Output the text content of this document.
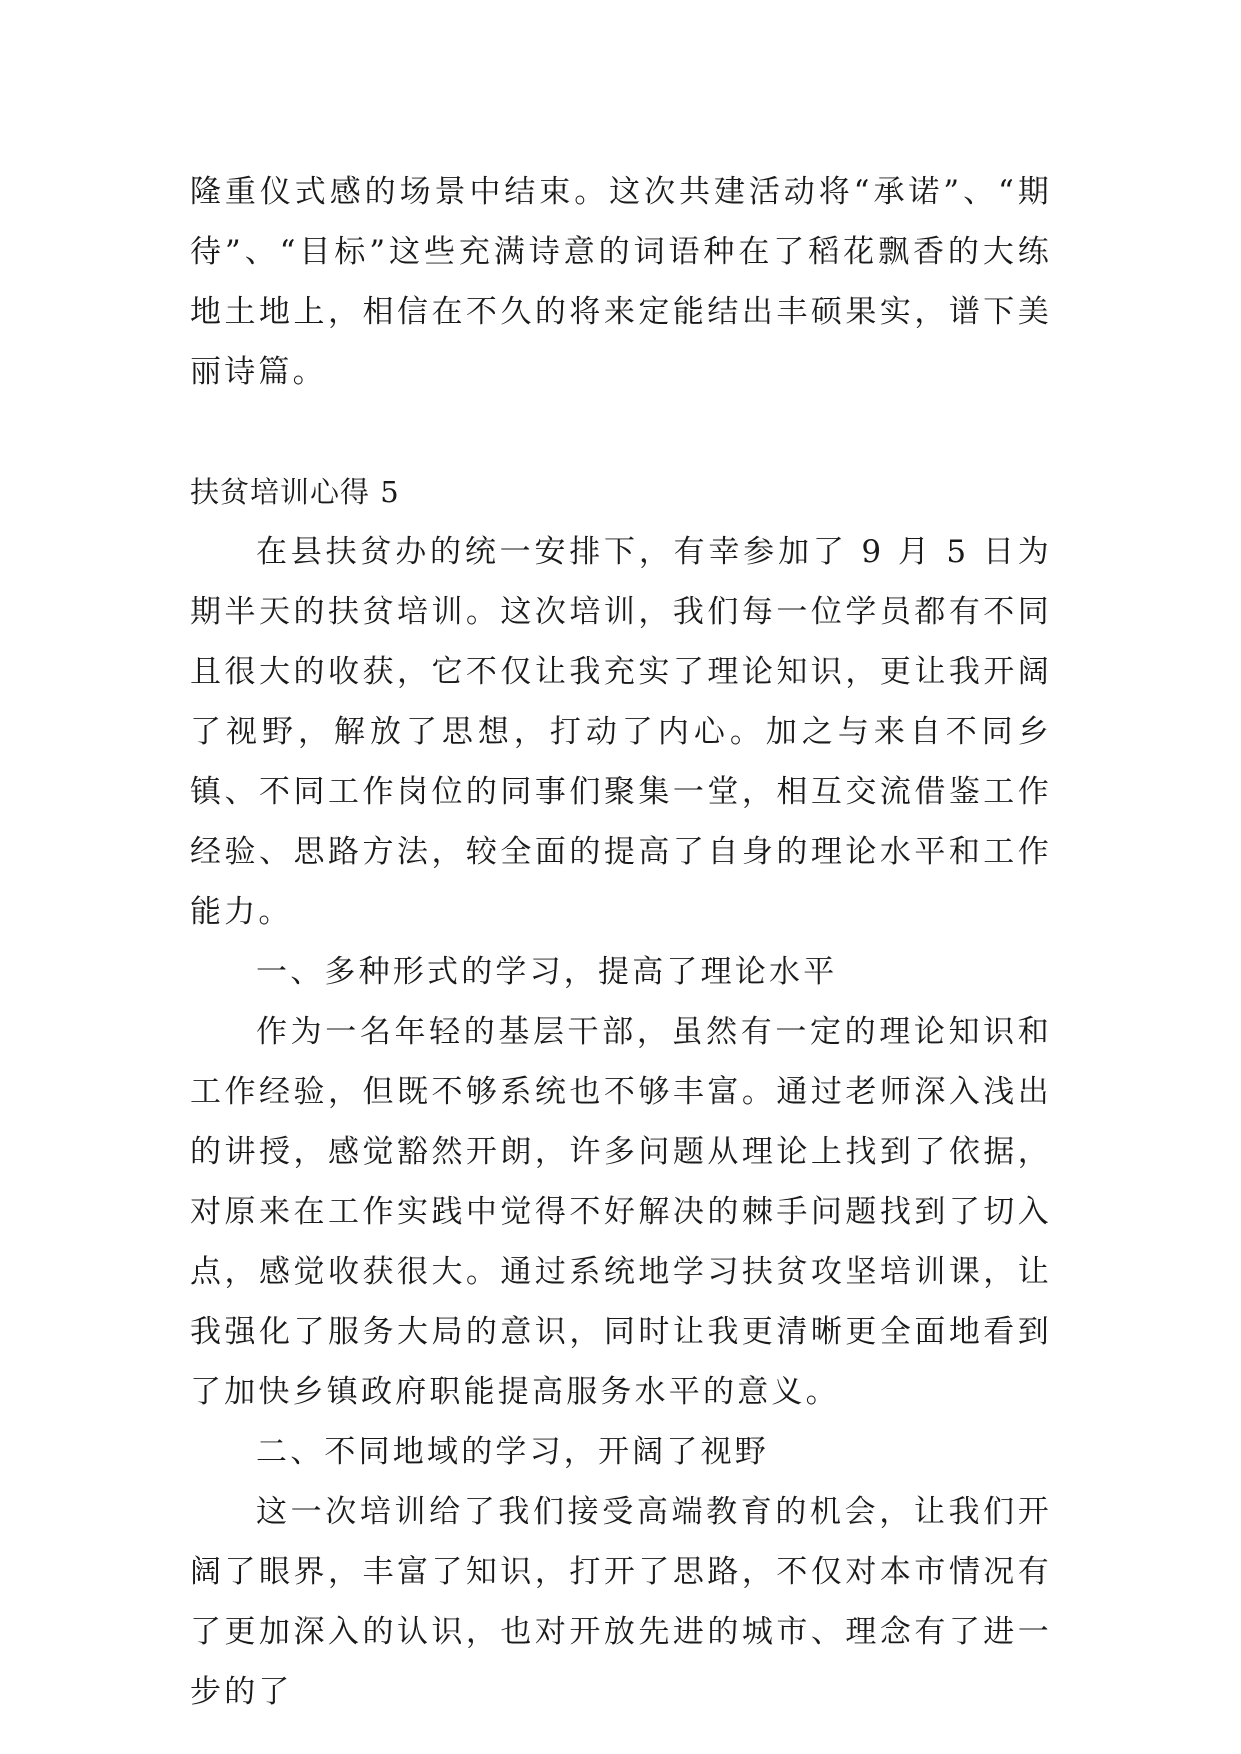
隆重仪式感的场景中结束。这次共建活动将“承诺”、“期待”、“目标”这些充满诗意的词语种在了稻花飘香的大练地土地上，相信在不久的将来定能结出丰硕果实，谱下美丽诗篇。

扶贫培训心得 5

在县扶贫办的统一安排下，有幸参加了 9 月 5 日为期半天的扶贫培训。这次培训，我们每一位学员都有不同且很大的收获，它不仅让我充实了理论知识，更让我开阔了视野，解放了思想，打动了内心。加之与来自不同乡镇、不同工作岗位的同事们聚集一堂，相互交流借鉴工作经验、思路方法，较全面的提高了自身的理论水平和工作能力。

一、多种形式的学习，提高了理论水平

作为一名年轻的基层干部，虽然有一定的理论知识和工作经验，但既不够系统也不够丰富。通过老师深入浅出的讲授，感觉豁然开朗，许多问题从理论上找到了依据，对原来在工作实践中觉得不好解决的棘手问题找到了切入点，感觉收获很大。通过系统地学习扶贫攻坚培训课，让我强化了服务大局的意识，同时让我更清晰更全面地看到了加快乡镇政府职能提高服务水平的意义。

二、不同地域的学习，开阔了视野

这一次培训给了我们接受高端教育的机会，让我们开阔了眼界，丰富了知识，打开了思路，不仅对本市情况有了更加深入的认识，也对开放先进的城市、理念有了进一步的了
